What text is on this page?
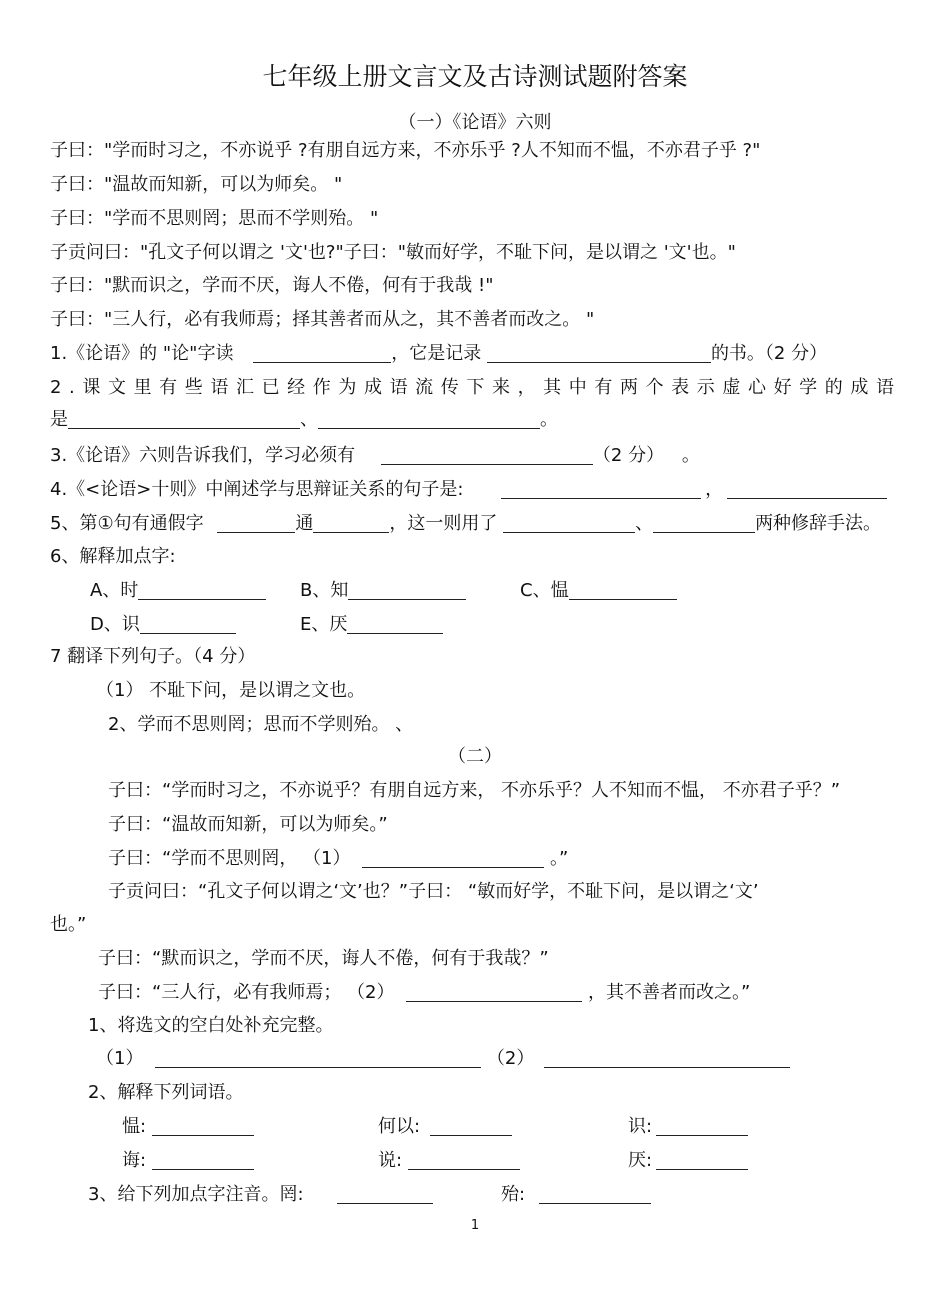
七年级上册文言文及古诗测试题附答案
（一）《论语》六则
子曰："学而时习之，不亦说乎 ?有朋自远方来，不亦乐乎 ?人不知而不愠，不亦君子乎 ?"
子曰："温故而知新，可以为师矣。 "
子曰："学而不思则罔；思而不学则殆。 "
子贡问曰："孔文子何以谓之 '文'也?"子曰："敏而好学，不耻下问，是以谓之 '文'也。"
子曰："默而识之，学而不厌，诲人不倦，何有于我哉 !"
子曰："三人行，必有我师焉；择其善者而从之，其不善者而改之。 "
1.《论语》的 "论"字读	，它是记录	的书。（2 分）
2.课文里有些语汇已经作为成语流传下来，其中有两个表示虚心好学的成语
是	、	。
3.《论语》六则告诉我们，学习必须有	（2 分） 。
4.《<论语>十则》中阐述学与思辩证关系的句子是:	，
5、第①句有通假字	通	，这一则用了	、	两种修辞手法。
6、解释加点字:
A、时	B、知	C、愠
D、识	E、厌
7 翻译下列句子。（4 分）
（1） 不耻下问，是以谓之文也。
2、学而不思则罔；思而不学则殆。 、
（二）
子曰：“学而时习之，不亦说乎？有朋自远方来， 不亦乐乎？人不知而不愠， 不亦君子乎？”
子曰：“温故而知新，可以为师矣。”
子曰：“学而不思则罔， （1）	。”
子贡问曰：“孔文子何以谓之‘文’也？”子曰： “敏而好学，不耻下问，是以谓之‘文’
也。”
子曰：“默而识之，学而不厌，诲人不倦，何有于我哉？”
子曰：“三人行，必有我师焉； （2）	，其不善者而改之。”
1、将选文的空白处补充完整。
（1）	（2）
2、解释下列词语。
愠:	何以:	识:
诲:	说:	厌:
3、给下列加点字注音。罔:	殆:
1
